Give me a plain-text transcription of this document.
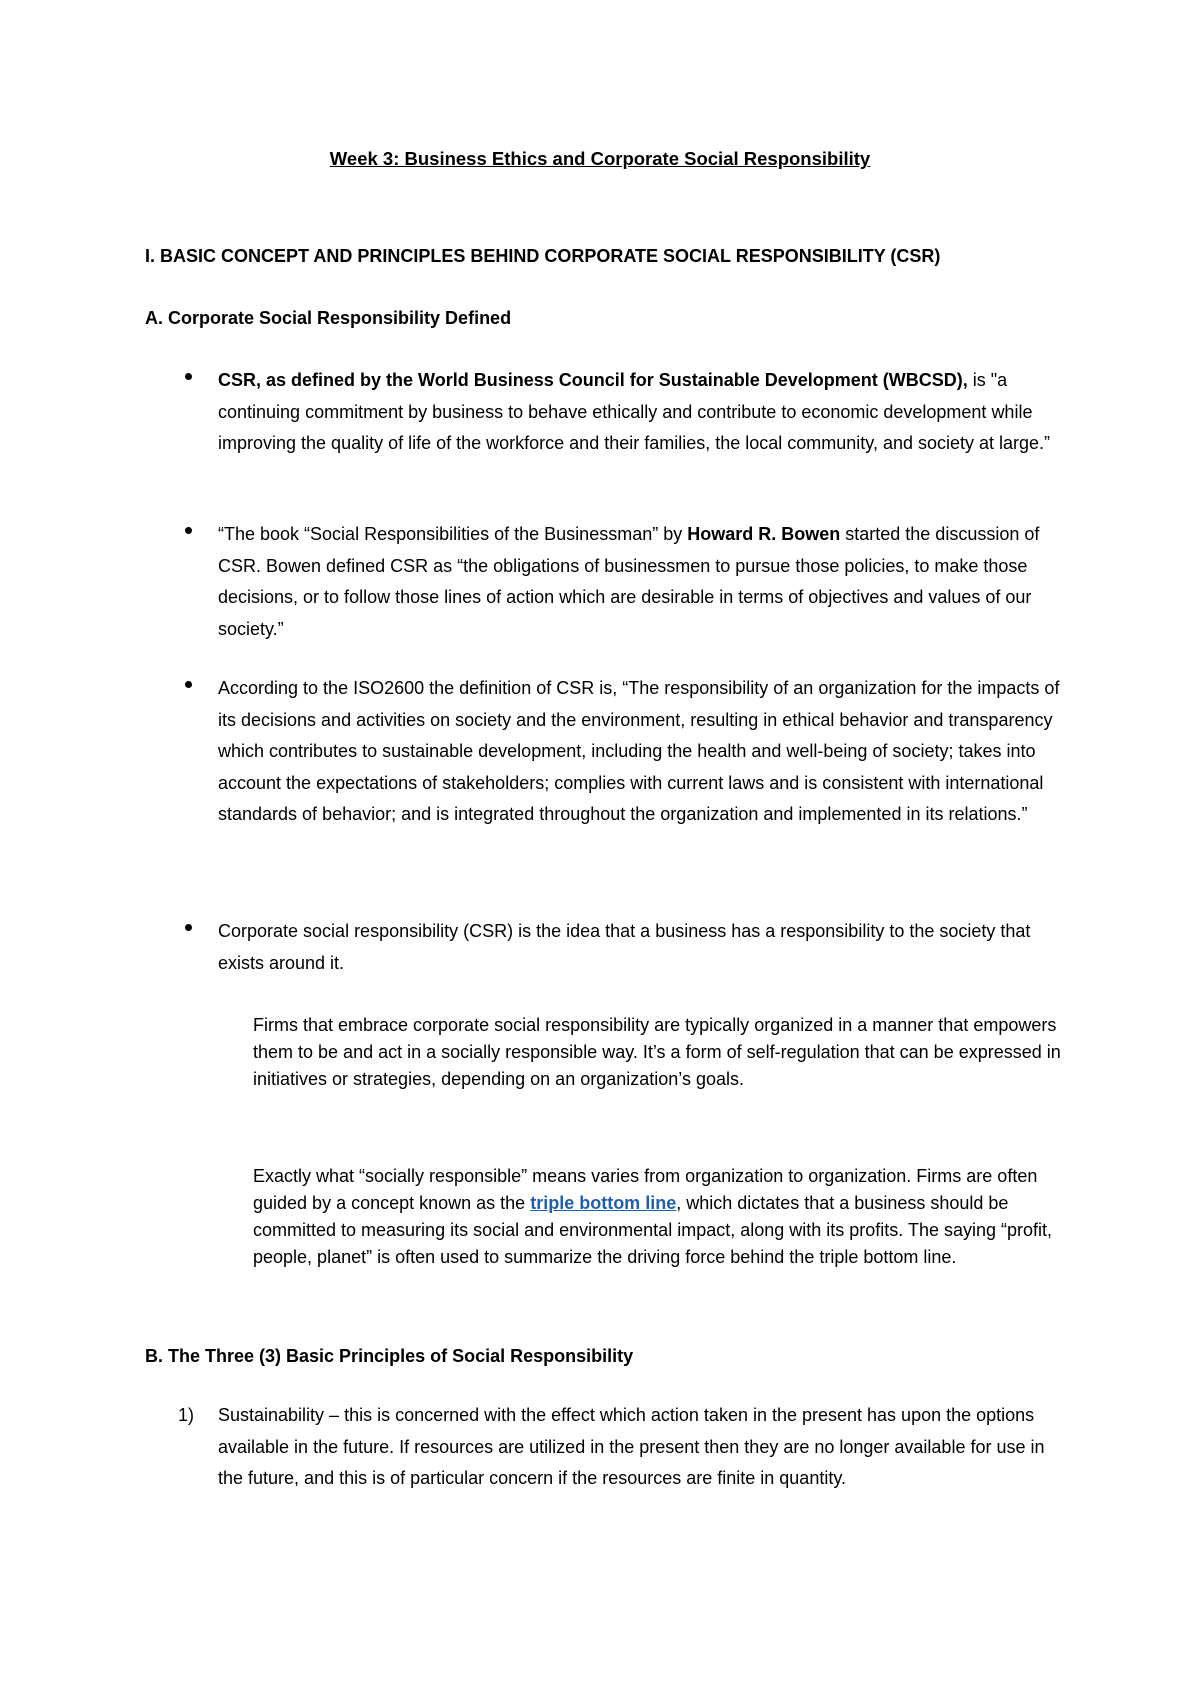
Week 3: Business Ethics and Corporate Social Responsibility
I. BASIC CONCEPT AND PRINCIPLES BEHIND CORPORATE SOCIAL RESPONSIBILITY (CSR)
A. Corporate Social Responsibility Defined
CSR, as defined by the World Business Council for Sustainable Development (WBCSD), is "a continuing commitment by business to behave ethically and contribute to economic development while improving the quality of life of the workforce and their families, the local community, and society at large.”
“The book “Social Responsibilities of the Businessman” by Howard R. Bowen started the discussion of CSR. Bowen defined CSR as “the obligations of businessmen to pursue those policies, to make those decisions, or to follow those lines of action which are desirable in terms of objectives and values of our society.”
According to the ISO2600 the definition of CSR is, “The responsibility of an organization for the impacts of its decisions and activities on society and the environment, resulting in ethical behavior and transparency which contributes to sustainable development, including the health and well-being of society; takes into account the expectations of stakeholders; complies with current laws and is consistent with international standards of behavior; and is integrated throughout the organization and implemented in its relations.”
Corporate social responsibility (CSR) is the idea that a business has a responsibility to the society that exists around it.
Firms that embrace corporate social responsibility are typically organized in a manner that empowers them to be and act in a socially responsible way. It’s a form of self-regulation that can be expressed in initiatives or strategies, depending on an organization’s goals.
Exactly what “socially responsible” means varies from organization to organization. Firms are often guided by a concept known as the triple bottom line, which dictates that a business should be committed to measuring its social and environmental impact, along with its profits. The saying “profit, people, planet” is often used to summarize the driving force behind the triple bottom line.
B. The Three (3) Basic Principles of Social Responsibility
1) Sustainability – this is concerned with the effect which action taken in the present has upon the options available in the future. If resources are utilized in the present then they are no longer available for use in the future, and this is of particular concern if the resources are finite in quantity.
